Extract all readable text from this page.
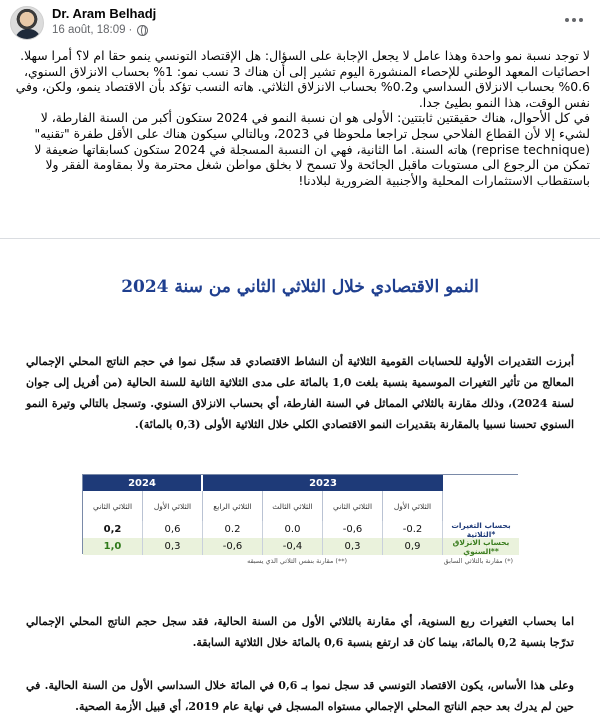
Dr. Aram Belhadj
16 août, 18:09 ·

لا توجد نسبة نمو واحدة وهذا عامل لا يجعل الإجابة على السؤال: هل الإقتصاد التونسي ينمو حقا ام لا؟ أمرا سهلا.

احصائيات المعهد الوطني للإحصاء المنشورة اليوم تشير إلى أن هناك 3 نسب نمو: 1% بحساب الانزلاق السنوي، 0.6% بحساب الانزلاق السداسي و0.2% بحساب الانزلاق الثلاثي. هاته النسب تؤكد بأن الاقتصاد ينمو، ولكن، وفي نفس الوقت، هذا النمو بطيئ جدا.

في كل الأحوال، هناك حقيقتين ثابتتين: الأولى هو ان نسبة النمو في 2024 ستكون أكبر من السنة الفارطة، لا لشيء إلا لأن القطاع الفلاحي سجل تراجعا ملحوظا في 2023، وبالتالي سيكون هناك على الأقل طفرة "تقنيه" (reprise technique) هاته السنة. اما الثانية، فهي ان النسبة المسجلة في 2024 ستكون كسابقاتها ضعيفة لا تمكن من الرجوع الى مستويات ماقبل الجائحة ولا تسمح لا بخلق مواطن شغل محترمة ولا بمقاومة الفقر ولا باستقطاب الاستثمارات المحلية والأجنبية الضرورية لبلادنا!

النمو الاقتصادي خلال الثلاثي الثاني من سنة 2024
أبرزت التقديرات الأولية للحسابات القومية الثلاثية أن النشاط الاقتصادي قد سجّل نموا في حجم الناتج المحلي الإجمالي المعالج من تأثير التغيرات الموسمية بنسبة بلغت 1,0 بالمائة على مدى الثلاثية الثانية للسنة الحالية (من أفريل إلى جوان لسنة 2024)، وذلك مقارنة بالثلاثي المماثل في السنة الفارطة، أي بحساب الانزلاق السنوي. وتسجل بالتالي وتيرة النمو السنوي تحسنا نسبيا بالمقارنة بتقديرات النمو الاقتصادي الكلي خلال الثلاثية الأولى (0,3 بالمائة).
2024	2023
الثلاثي الثاني	الثلاثي الأول	الثلاثي الرابع	الثلاثي الثالث	الثلاثي الثاني	الثلاثي الأول
0,2	0,6	0.2	0.0	-0,6	-0.2	بحساب التغيرات الثلاثية*
1,0	0,3	-0,6	-0,4	0,3	0,9	بحساب الانزلاق السنوي**
(*) مقارنة بالثلاثي السابق
(**) مقارنة بنفس الثلاثي الذي يسبقه
اما بحساب التغيرات ربع السنوية، أي مقارنة بالثلاثي الأول من السنة الحالية، فقد سجل حجم الناتج المحلي الإجمالي تدرّجا بنسبة 0,2 بالمائة، بينما كان قد ارتفع بنسبة 0,6 بالمائة خلال الثلاثية السابقة.
وعلى هذا الأساس، يكون الاقتصاد التونسي قد سجل نموا بـ 0,6 في المائة خلال السداسي الأول من السنة الحالية. في حين لم يدرك بعد حجم الناتج المحلي الإجمالي مستواه المسجل في نهاية عام 2019، أي قبيل الأزمة الصحية.
